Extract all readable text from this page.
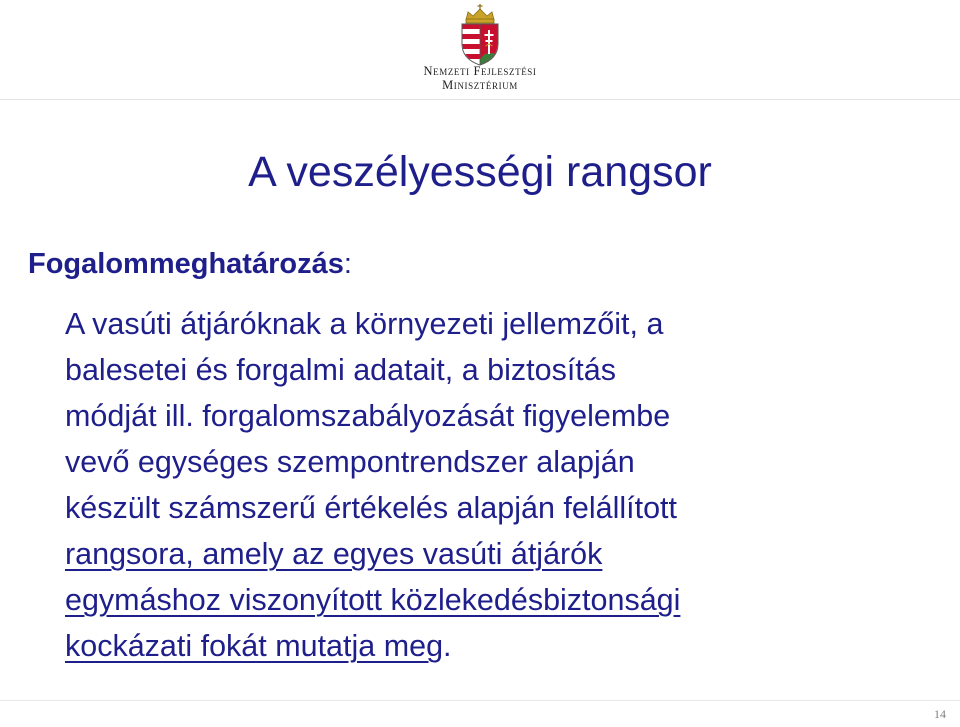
Nemzeti Fejlesztési
Minisztérium
A veszélyességi rangsor
Fogalommeghatározás:

A vasúti átjáróknak a környezeti jellemzőit, a
balesetei és forgalmi adatait, a biztosítás
módját ill. forgalomszabályozását figyelembe
vevő egységes szempontrendszer alapján
készült számszerű értékelés alapján felállított
rangsora, amely az egyes vasúti átjárók
egymáshoz viszonyított közlekedésbiztonsági
kockázati fokát mutatja meg.

14
